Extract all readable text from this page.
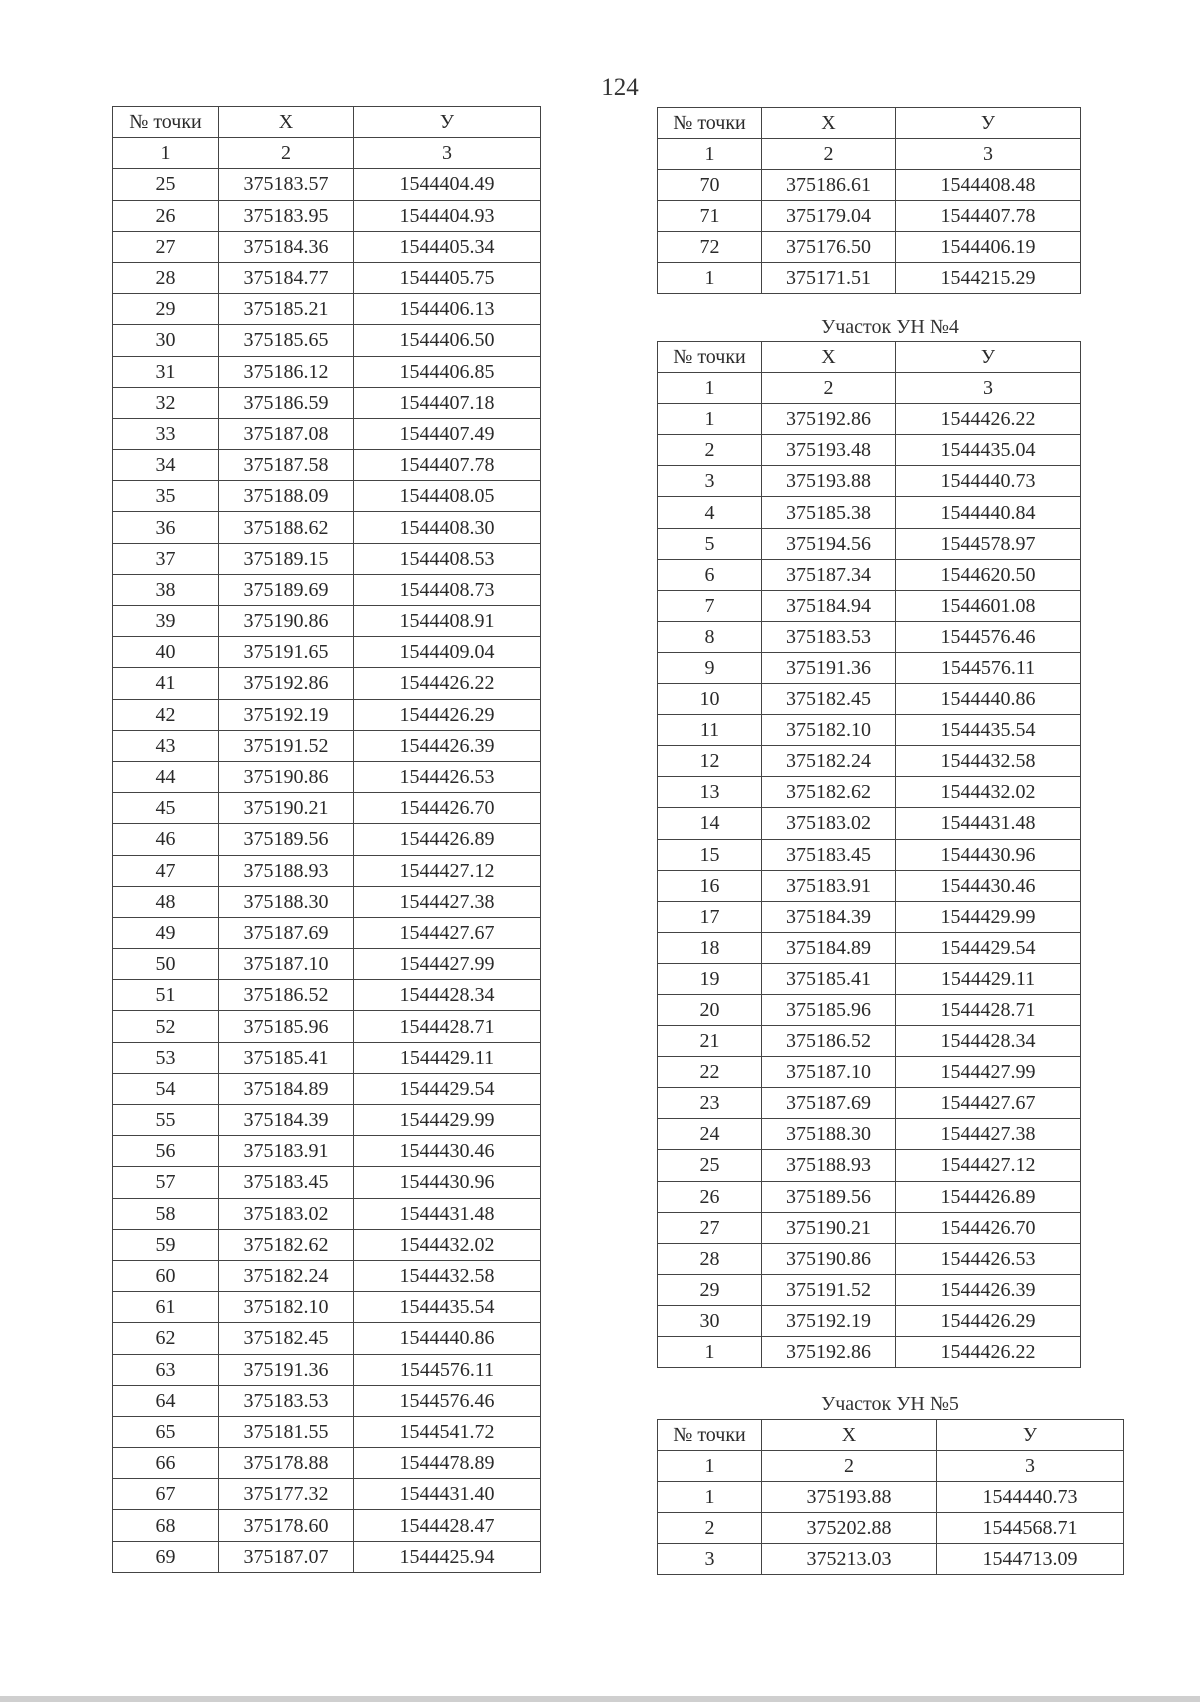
124
№ точки	X	У
1	2	3
25	375183.57	1544404.49
26	375183.95	1544404.93
27	375184.36	1544405.34
28	375184.77	1544405.75
29	375185.21	1544406.13
30	375185.65	1544406.50
31	375186.12	1544406.85
32	375186.59	1544407.18
33	375187.08	1544407.49
34	375187.58	1544407.78
35	375188.09	1544408.05
36	375188.62	1544408.30
37	375189.15	1544408.53
38	375189.69	1544408.73
39	375190.86	1544408.91
40	375191.65	1544409.04
41	375192.86	1544426.22
42	375192.19	1544426.29
43	375191.52	1544426.39
44	375190.86	1544426.53
45	375190.21	1544426.70
46	375189.56	1544426.89
47	375188.93	1544427.12
48	375188.30	1544427.38
49	375187.69	1544427.67
50	375187.10	1544427.99
51	375186.52	1544428.34
52	375185.96	1544428.71
53	375185.41	1544429.11
54	375184.89	1544429.54
55	375184.39	1544429.99
56	375183.91	1544430.46
57	375183.45	1544430.96
58	375183.02	1544431.48
59	375182.62	1544432.02
60	375182.24	1544432.58
61	375182.10	1544435.54
62	375182.45	1544440.86
63	375191.36	1544576.11
64	375183.53	1544576.46
65	375181.55	1544541.72
66	375178.88	1544478.89
67	375177.32	1544431.40
68	375178.60	1544428.47
69	375187.07	1544425.94
№ точки	X	У
1	2	3
70	375186.61	1544408.48
71	375179.04	1544407.78
72	375176.50	1544406.19
1	375171.51	1544215.29
Участок УН №4
№ точки	X	У
1	2	3
1	375192.86	1544426.22
2	375193.48	1544435.04
3	375193.88	1544440.73
4	375185.38	1544440.84
5	375194.56	1544578.97
6	375187.34	1544620.50
7	375184.94	1544601.08
8	375183.53	1544576.46
9	375191.36	1544576.11
10	375182.45	1544440.86
11	375182.10	1544435.54
12	375182.24	1544432.58
13	375182.62	1544432.02
14	375183.02	1544431.48
15	375183.45	1544430.96
16	375183.91	1544430.46
17	375184.39	1544429.99
18	375184.89	1544429.54
19	375185.41	1544429.11
20	375185.96	1544428.71
21	375186.52	1544428.34
22	375187.10	1544427.99
23	375187.69	1544427.67
24	375188.30	1544427.38
25	375188.93	1544427.12
26	375189.56	1544426.89
27	375190.21	1544426.70
28	375190.86	1544426.53
29	375191.52	1544426.39
30	375192.19	1544426.29
1	375192.86	1544426.22
Участок УН №5
№ точки	X	У
1	2	3
1	375193.88	1544440.73
2	375202.88	1544568.71
3	375213.03	1544713.09
